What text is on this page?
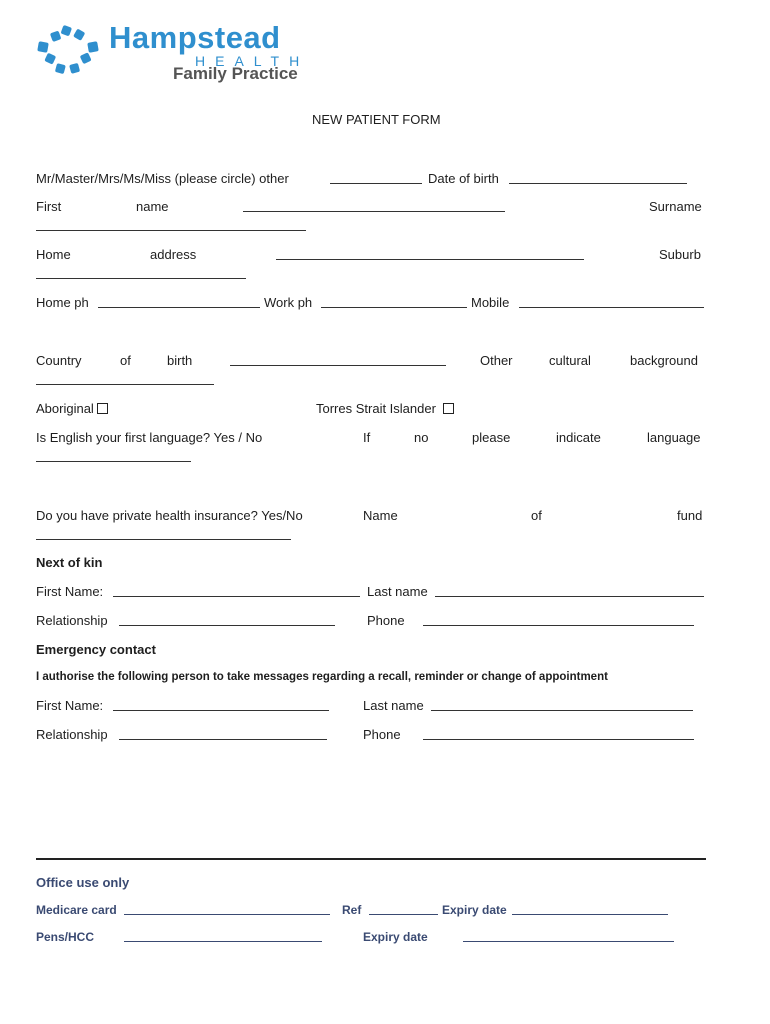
Hampstead
HEALTH
Family Practice
NEW PATIENT FORM
Mr/Master/Mrs/Ms/Miss (please circle) other	Date of birth
First	name	Surname
Home	address	Suburb
Home ph	Work ph	Mobile
Country	of	birth	Other	cultural	background
Aboriginal	Torres Strait Islander
Is English your first language? Yes / No	If	no	please	indicate	language
Do you have private health insurance? Yes/No	Name	of	fund
Next of kin
First Name:	Last name
Relationship	Phone
Emergency contact
I authorise the following person to take messages regarding a recall, reminder or change of appointment
First Name:	Last name
Relationship	Phone
Office use only
Medicare card	Ref	Expiry date
Pens/HCC	Expiry date
